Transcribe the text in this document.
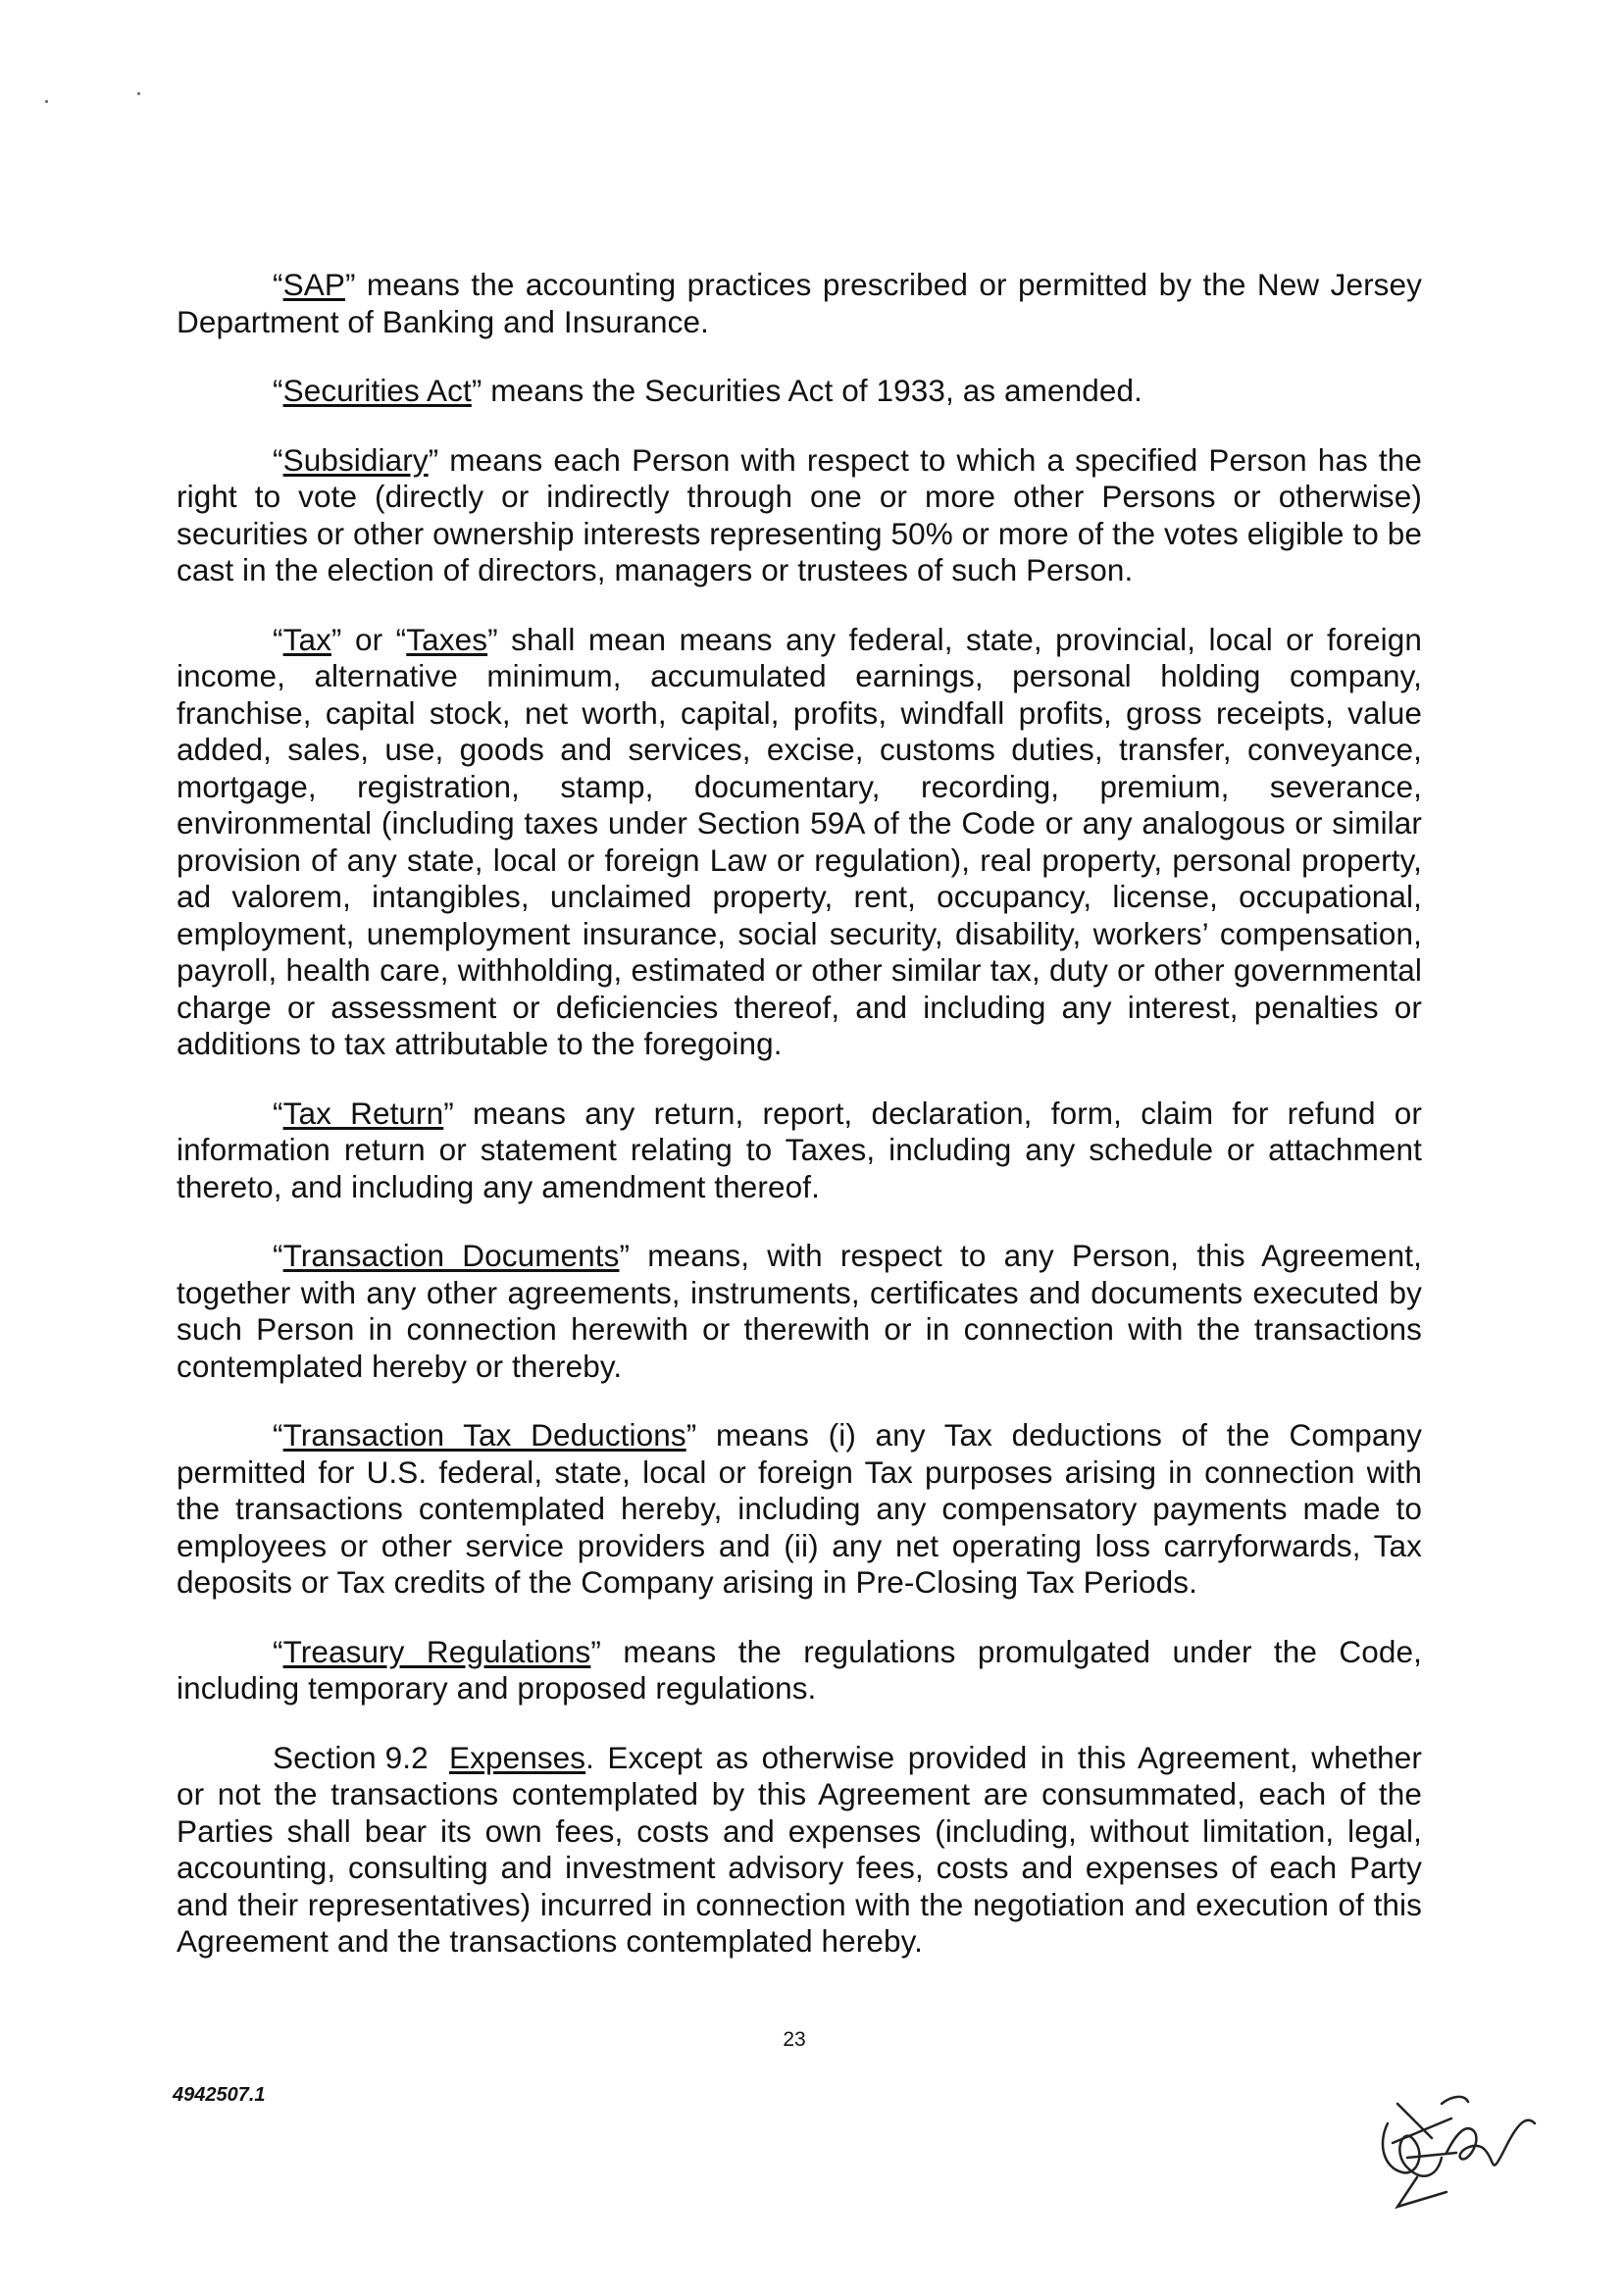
“SAP” means the accounting practices prescribed or permitted by the New Jersey Department of Banking and Insurance.

“Securities Act” means the Securities Act of 1933, as amended.

“Subsidiary” means each Person with respect to which a specified Person has the right to vote (directly or indirectly through one or more other Persons or otherwise) securities or other ownership interests representing 50% or more of the votes eligible to be cast in the election of directors, managers or trustees of such Person.

“Tax” or “Taxes” shall mean means any federal, state, provincial, local or foreign income, alternative minimum, accumulated earnings, personal holding company, franchise, capital stock, net worth, capital, profits, windfall profits, gross receipts, value added, sales, use, goods and services, excise, customs duties, transfer, conveyance, mortgage, registration, stamp, documentary, recording, premium, severance, environmental (including taxes under Section 59A of the Code or any analogous or similar provision of any state, local or foreign Law or regulation), real property, personal property, ad valorem, intangibles, unclaimed property, rent, occupancy, license, occupational, employment, unemployment insurance, social security, disability, workers’ compensation, payroll, health care, withholding, estimated or other similar tax, duty or other governmental charge or assessment or deficiencies thereof, and including any interest, penalties or additions to tax attributable to the foregoing.

“Tax Return” means any return, report, declaration, form, claim for refund or information return or statement relating to Taxes, including any schedule or attachment thereto, and including any amendment thereof.

“Transaction Documents” means, with respect to any Person, this Agreement, together with any other agreements, instruments, certificates and documents executed by such Person in connection herewith or therewith or in connection with the transactions contemplated hereby or thereby.

“Transaction Tax Deductions” means (i) any Tax deductions of the Company permitted for U.S. federal, state, local or foreign Tax purposes arising in connection with the transactions contemplated hereby, including any compensatory payments made to employees or other service providers and (ii) any net operating loss carryforwards, Tax deposits or Tax credits of the Company arising in Pre-Closing Tax Periods.

“Treasury Regulations” means the regulations promulgated under the Code, including temporary and proposed regulations.

Section 9.2 Expenses. Except as otherwise provided in this Agreement, whether or not the transactions contemplated by this Agreement are consummated, each of the Parties shall bear its own fees, costs and expenses (including, without limitation, legal, accounting, consulting and investment advisory fees, costs and expenses of each Party and their representatives) incurred in connection with the negotiation and execution of this Agreement and the transactions contemplated hereby.

23
4942507.1
